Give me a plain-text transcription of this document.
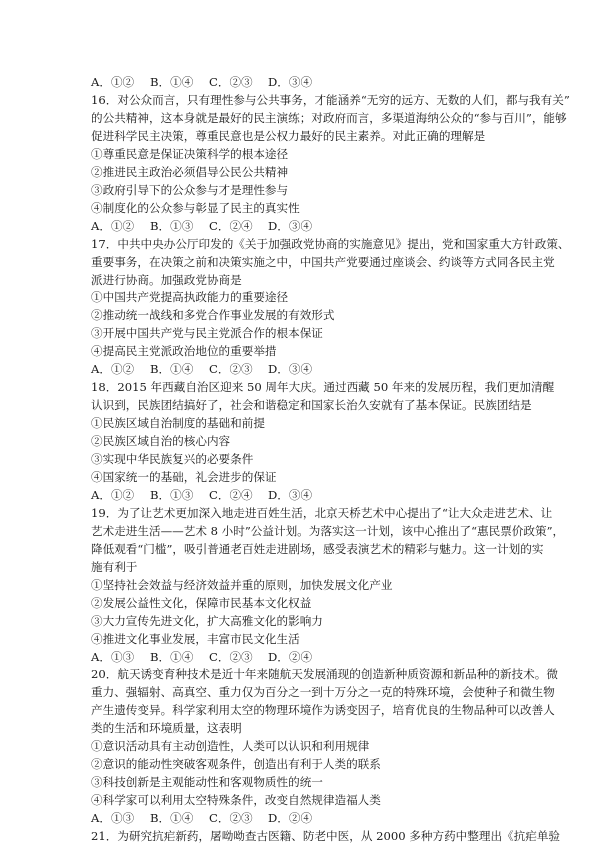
A．①② B．①④ C．②③ D．③④
16．对公众而言，只有理性参与公共事务，才能涵养“无穷的远方、无数的人们，都与我有关”
的公共精神，这本身就是最好的民主演练；对政府而言，多渠道海纳公众的“参与百川”，能够
促进科学民主决策，尊重民意也是公权力最好的民主素养。对此正确的理解是
①尊重民意是保证决策科学的根本途径
②推进民主政治必须倡导公民公共精神
③政府引导下的公众参与才是理性参与
④制度化的公众参与彰显了民主的真实性
A．①② B．①③ C．②④ D．③④
17．中共中央办公厅印发的《关于加强政党协商的实施意见》提出，党和国家重大方针政策、
重要事务，在决策之前和决策实施之中，中国共产党要通过座谈会、约谈等方式同各民主党
派进行协商。加强政党协商是
①中国共产党提高执政能力的重要途径
②推动统一战线和多党合作事业发展的有效形式
③开展中国共产党与民主党派合作的根本保证
④提高民主党派政治地位的重要举措
A．①② B．①④ C．②③ D．③④
18．2015 年西藏自治区迎来 50 周年大庆。通过西藏 50 年来的发展历程，我们更加清醒
认识到，民族团结搞好了，社会和谐稳定和国家长治久安就有了基本保证。民族团结是
①民族区域自治制度的基础和前提
②民族区域自治的核心内容
③实现中华民族复兴的必要条件
④国家统一的基础，礼会进步的保证
A．①② B．①③ C．②④ D．③④
19．为了让艺术更加深入地走进百姓生活，北京天桥艺术中心提出了“让大众走进艺术、让
艺术走进生活——艺术 8 小时”公益计划。为落实这一计划，该中心推出了“惠民票价政策”，
降低观看“门槛”，吸引普通老百姓走进剧场，感受表演艺术的精彩与魅力。这一计划的实
施有利于
①坚持社会效益与经济效益并重的原则，加快发展文化产业
②发展公益性文化，保障市民基本文化权益
③大力宣传先进文化，扩大高雅文化的影响力
④推进文化事业发展，丰富市民文化生活
A．①③ B．①④ C．②③ D．②④
20．航天诱变育种技术是近十年来随航天发展涌现的创造新种质资源和新品种的新技术。微
重力、强辐射、高真空、重力仅为百分之一到十万分之一克的特殊环境，会使种子和微生物
产生遗传变异。科学家利用太空的物理环境作为诱变因子，培育优良的生物品种可以改善人
类的生活和环境质量，这表明
①意识活动具有主动创造性，人类可以认识和利用规律
②意识的能动性突破客观条件，创造出有利于人类的联系
③科技创新是主观能动性和客观物质性的统一
④科学家可以利用太空特殊条件，改变自然规律造福人类
A．①③ B．①④ C．②③ D．②④
21．为研究抗疟新药，屠呦呦查古医籍、防老中医，从 2000 多种方药中整理出《抗疟单验
